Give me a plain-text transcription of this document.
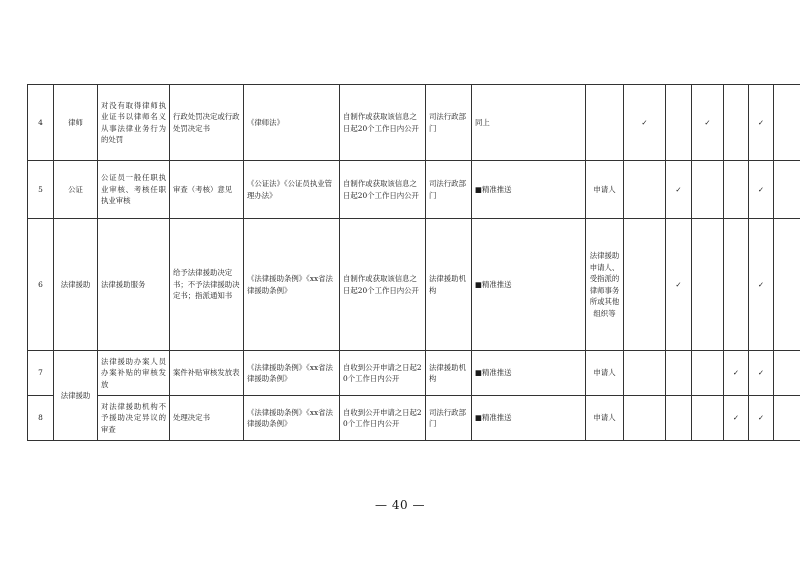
4	律师	对没有取得律师执业证书以律师名义从事法律业务行为的处罚	行政处罚决定或行政处罚决定书	《律师法》	自制作或获取该信息之日起20个工作日内公开	司法行政部门	同上		✓		✓		✓	
5	公证	公证员一般任职执业审核、考核任职执业审核	审查（考核）意见	《公证法》《公证员执业管理办法》	自制作或获取该信息之日起20个工作日内公开	司法行政部门	■精准推送	申请人		✓			✓	
6	法律援助	法律援助服务	给予法律援助决定书；不予法律援助决定书；指派通知书	《法律援助条例》《xx省法律援助条例》	自制作或获取该信息之日起20个工作日内公开	法律援助机构	■精准推送	法律援助申请人、受指派的律师事务所或其他组织等		✓			✓	
7	法律援助	法律援助办案人员办案补贴的审核发放	案件补贴审核发放表	《法律援助条例》《xx省法律援助条例》	自收到公开申请之日起20个工作日内公开	法律援助机构	■精准推送	申请人				✓	✓	
8		对法律援助机构不予援助决定异议的审查	处理决定书	《法律援助条例》《xx省法律援助条例》	自收到公开申请之日起20个工作日内公开	司法行政部门	■精准推送	申请人				✓	✓	
— 40 —
